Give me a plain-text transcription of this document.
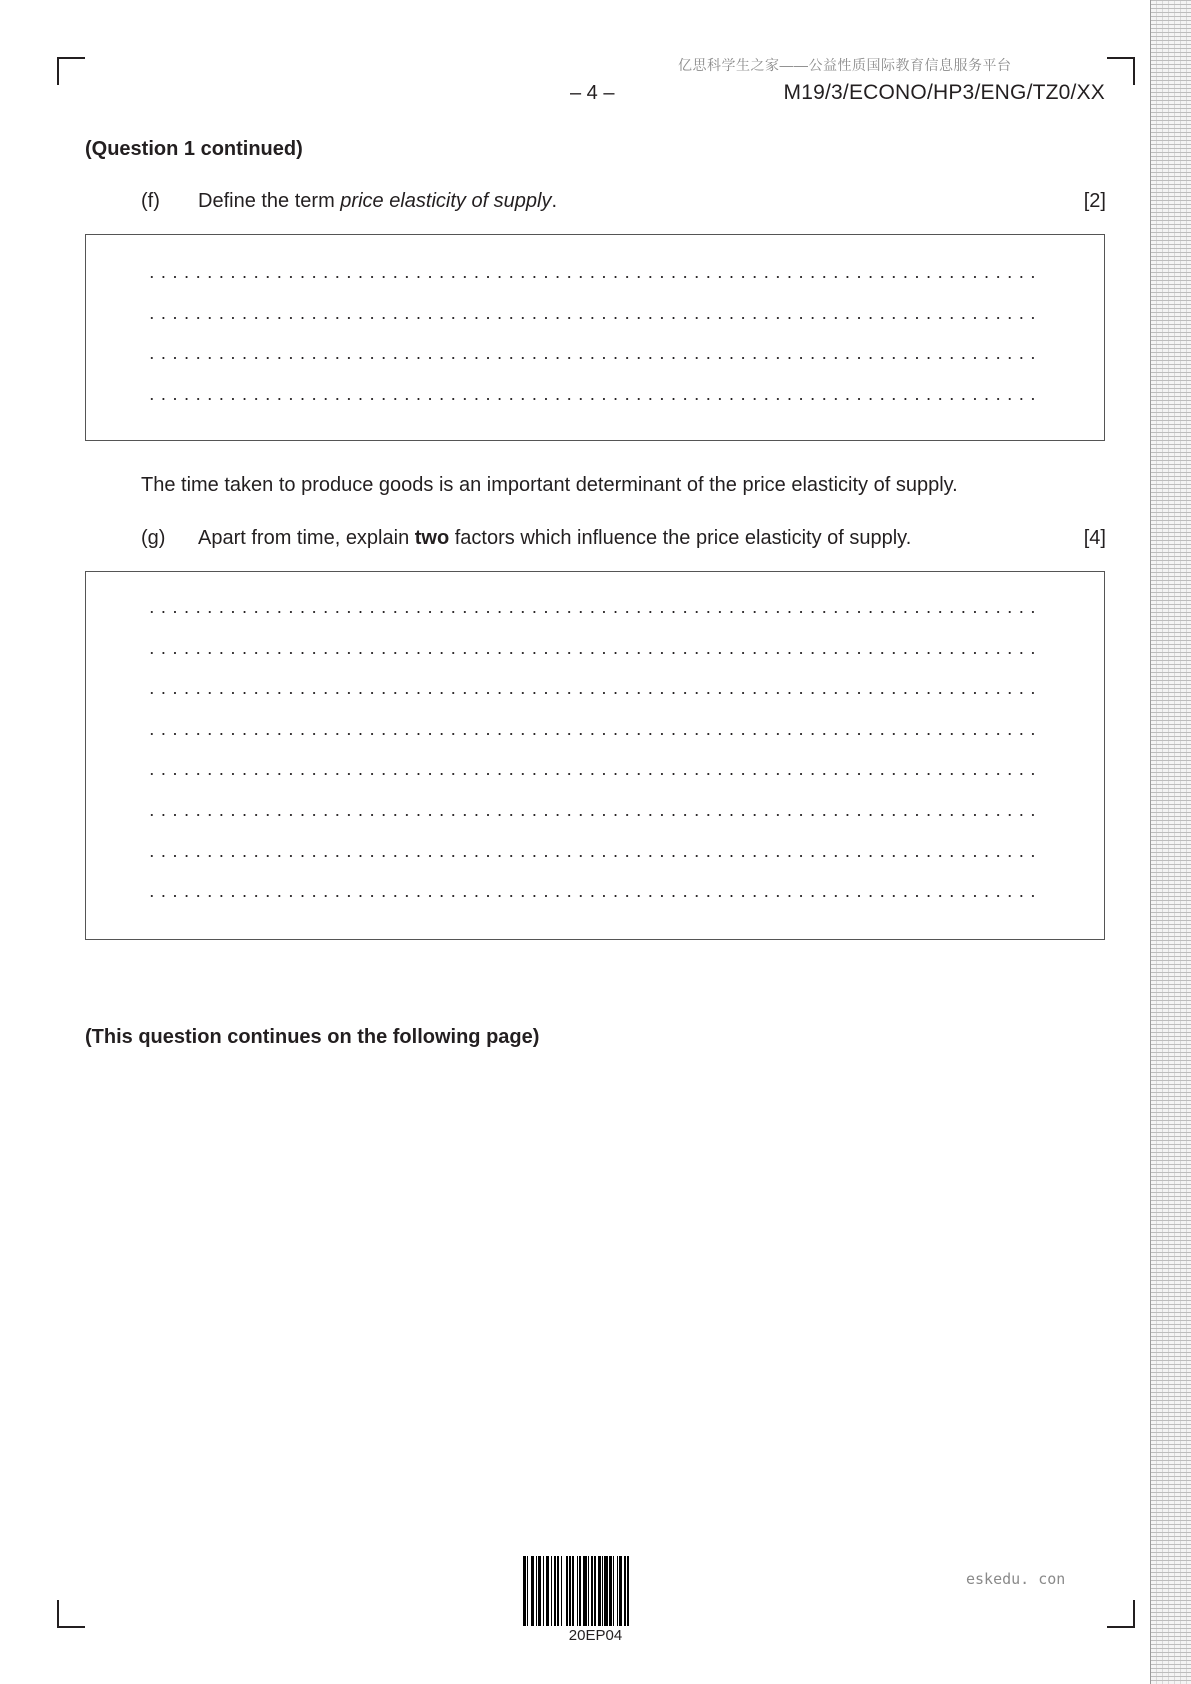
亿思科学生之家——公益性质国际教育信息服务平台
– 4 –	M19/3/ECONO/HP3/ENG/TZ0/XX
(Question 1 continued)
(f) Define the term price elasticity of supply.	[2]
The time taken to produce goods is an important determinant of the price elasticity of supply.
(g) Apart from time, explain two factors which influence the price elasticity of supply.	[4]
(This question continues on the following page)
20EP04
eskedu. con
